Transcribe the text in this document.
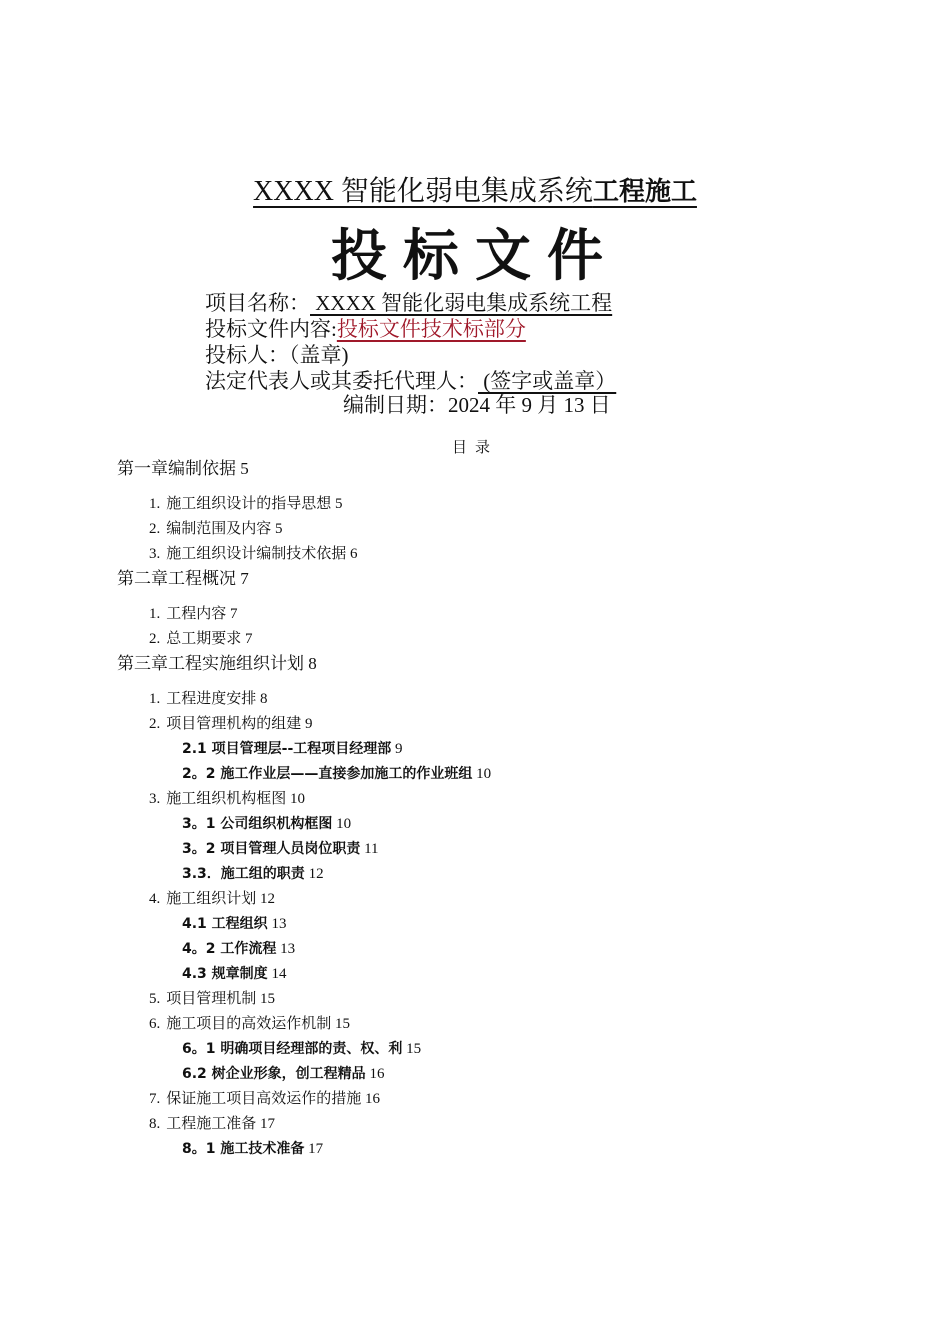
XXXX 智能化弱电集成系统工程施工
投标文件
项目名称： XXXX 智能化弱电集成系统工程
投标文件内容:投标文件技术标部分
投标人：（盖章)
法定代表人或其委托代理人： (签字或盖章）
编制日期：2024 年 9 月 13 日
目录
第一章编制依据 5
1. 施工组织设计的指导思想 5
2. 编制范围及内容 5
3. 施工组织设计编制技术依据 6
第二章工程概况 7
1. 工程内容 7
2. 总工期要求 7
第三章工程实施组织计划 8
1. 工程进度安排 8
2. 项目管理机构的组建 9
2.1 项目管理层--工程项目经理部 9
2。2 施工作业层——直接参加施工的作业班组 10
3. 施工组织机构框图 10
3。1 公司组织机构框图 10
3。2 项目管理人员岗位职责 11
3.3．施工组的职责 12
4. 施工组织计划 12
4.1 工程组织 13
4。2 工作流程 13
4.3 规章制度 14
5. 项目管理机制 15
6. 施工项目的高效运作机制 15
6。1 明确项目经理部的责、权、利 15
6.2 树企业形象，创工程精品 16
7. 保证施工项目高效运作的措施 16
8. 工程施工准备 17
8。1 施工技术准备 17
